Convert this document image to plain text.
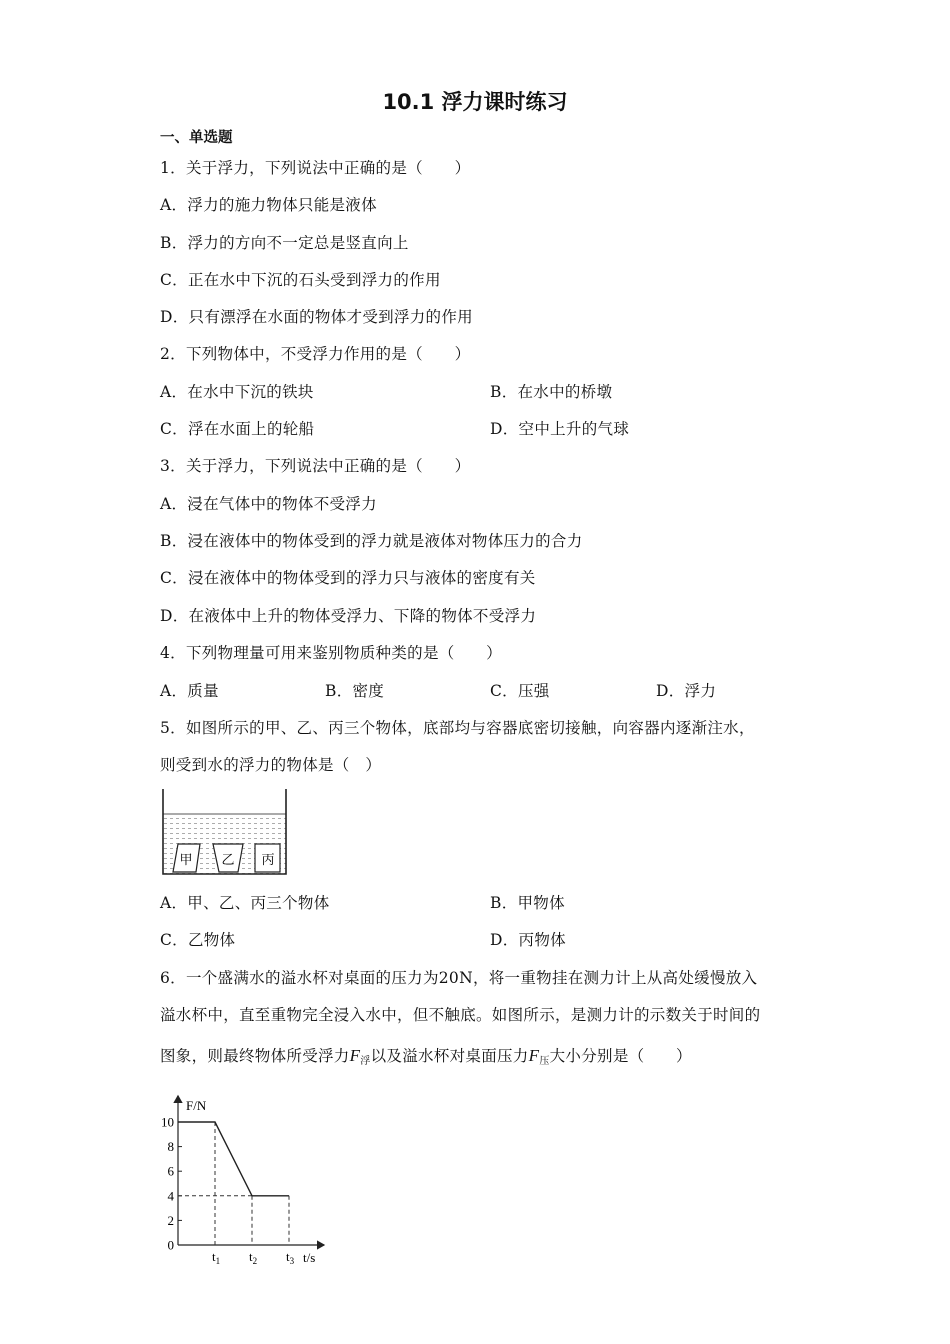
10.1 浮力课时练习
一、单选题
1．关于浮力，下列说法中正确的是（　　）
A．浮力的施力物体只能是液体
B．浮力的方向不一定总是竖直向上
C．正在水中下沉的石头受到浮力的作用
D．只有漂浮在水面的物体才受到浮力的作用
2．下列物体中，不受浮力作用的是（　　）
A．在水中下沉的铁块	B．在水中的桥墩
C．浮在水面上的轮船	D．空中上升的气球
3．关于浮力，下列说法中正确的是（　　）
A．浸在气体中的物体不受浮力
B．浸在液体中的物体受到的浮力就是液体对物体压力的合力
C．浸在液体中的物体受到的浮力只与液体的密度有关
D．在液体中上升的物体受浮力、下降的物体不受浮力
4．下列物理量可用来鉴别物质种类的是（　　）
A．质量	B．密度	C．压强	D．浮力
5．如图所示的甲、乙、丙三个物体，底部均与容器底密切接触，向容器内逐渐注水，
则受到水的浮力的物体是（　）
甲 乙 丙
A．甲、乙、丙三个物体	B．甲物体
C．乙物体	D．丙物体
6．一个盛满水的溢水杯对桌面的压力为20N，将一重物挂在测力计上从高处缓慢放入
溢水杯中，直至重物完全浸入水中，但不触底。如图所示，是测力计的示数关于时间的
图象，则最终物体所受浮力$F_浮$以及溢水杯对桌面压力$F_压$大小分别是（　　）
F/N
t/s
0
2
4
6
8
10
$t_1$ $t_2$ $t_3$
